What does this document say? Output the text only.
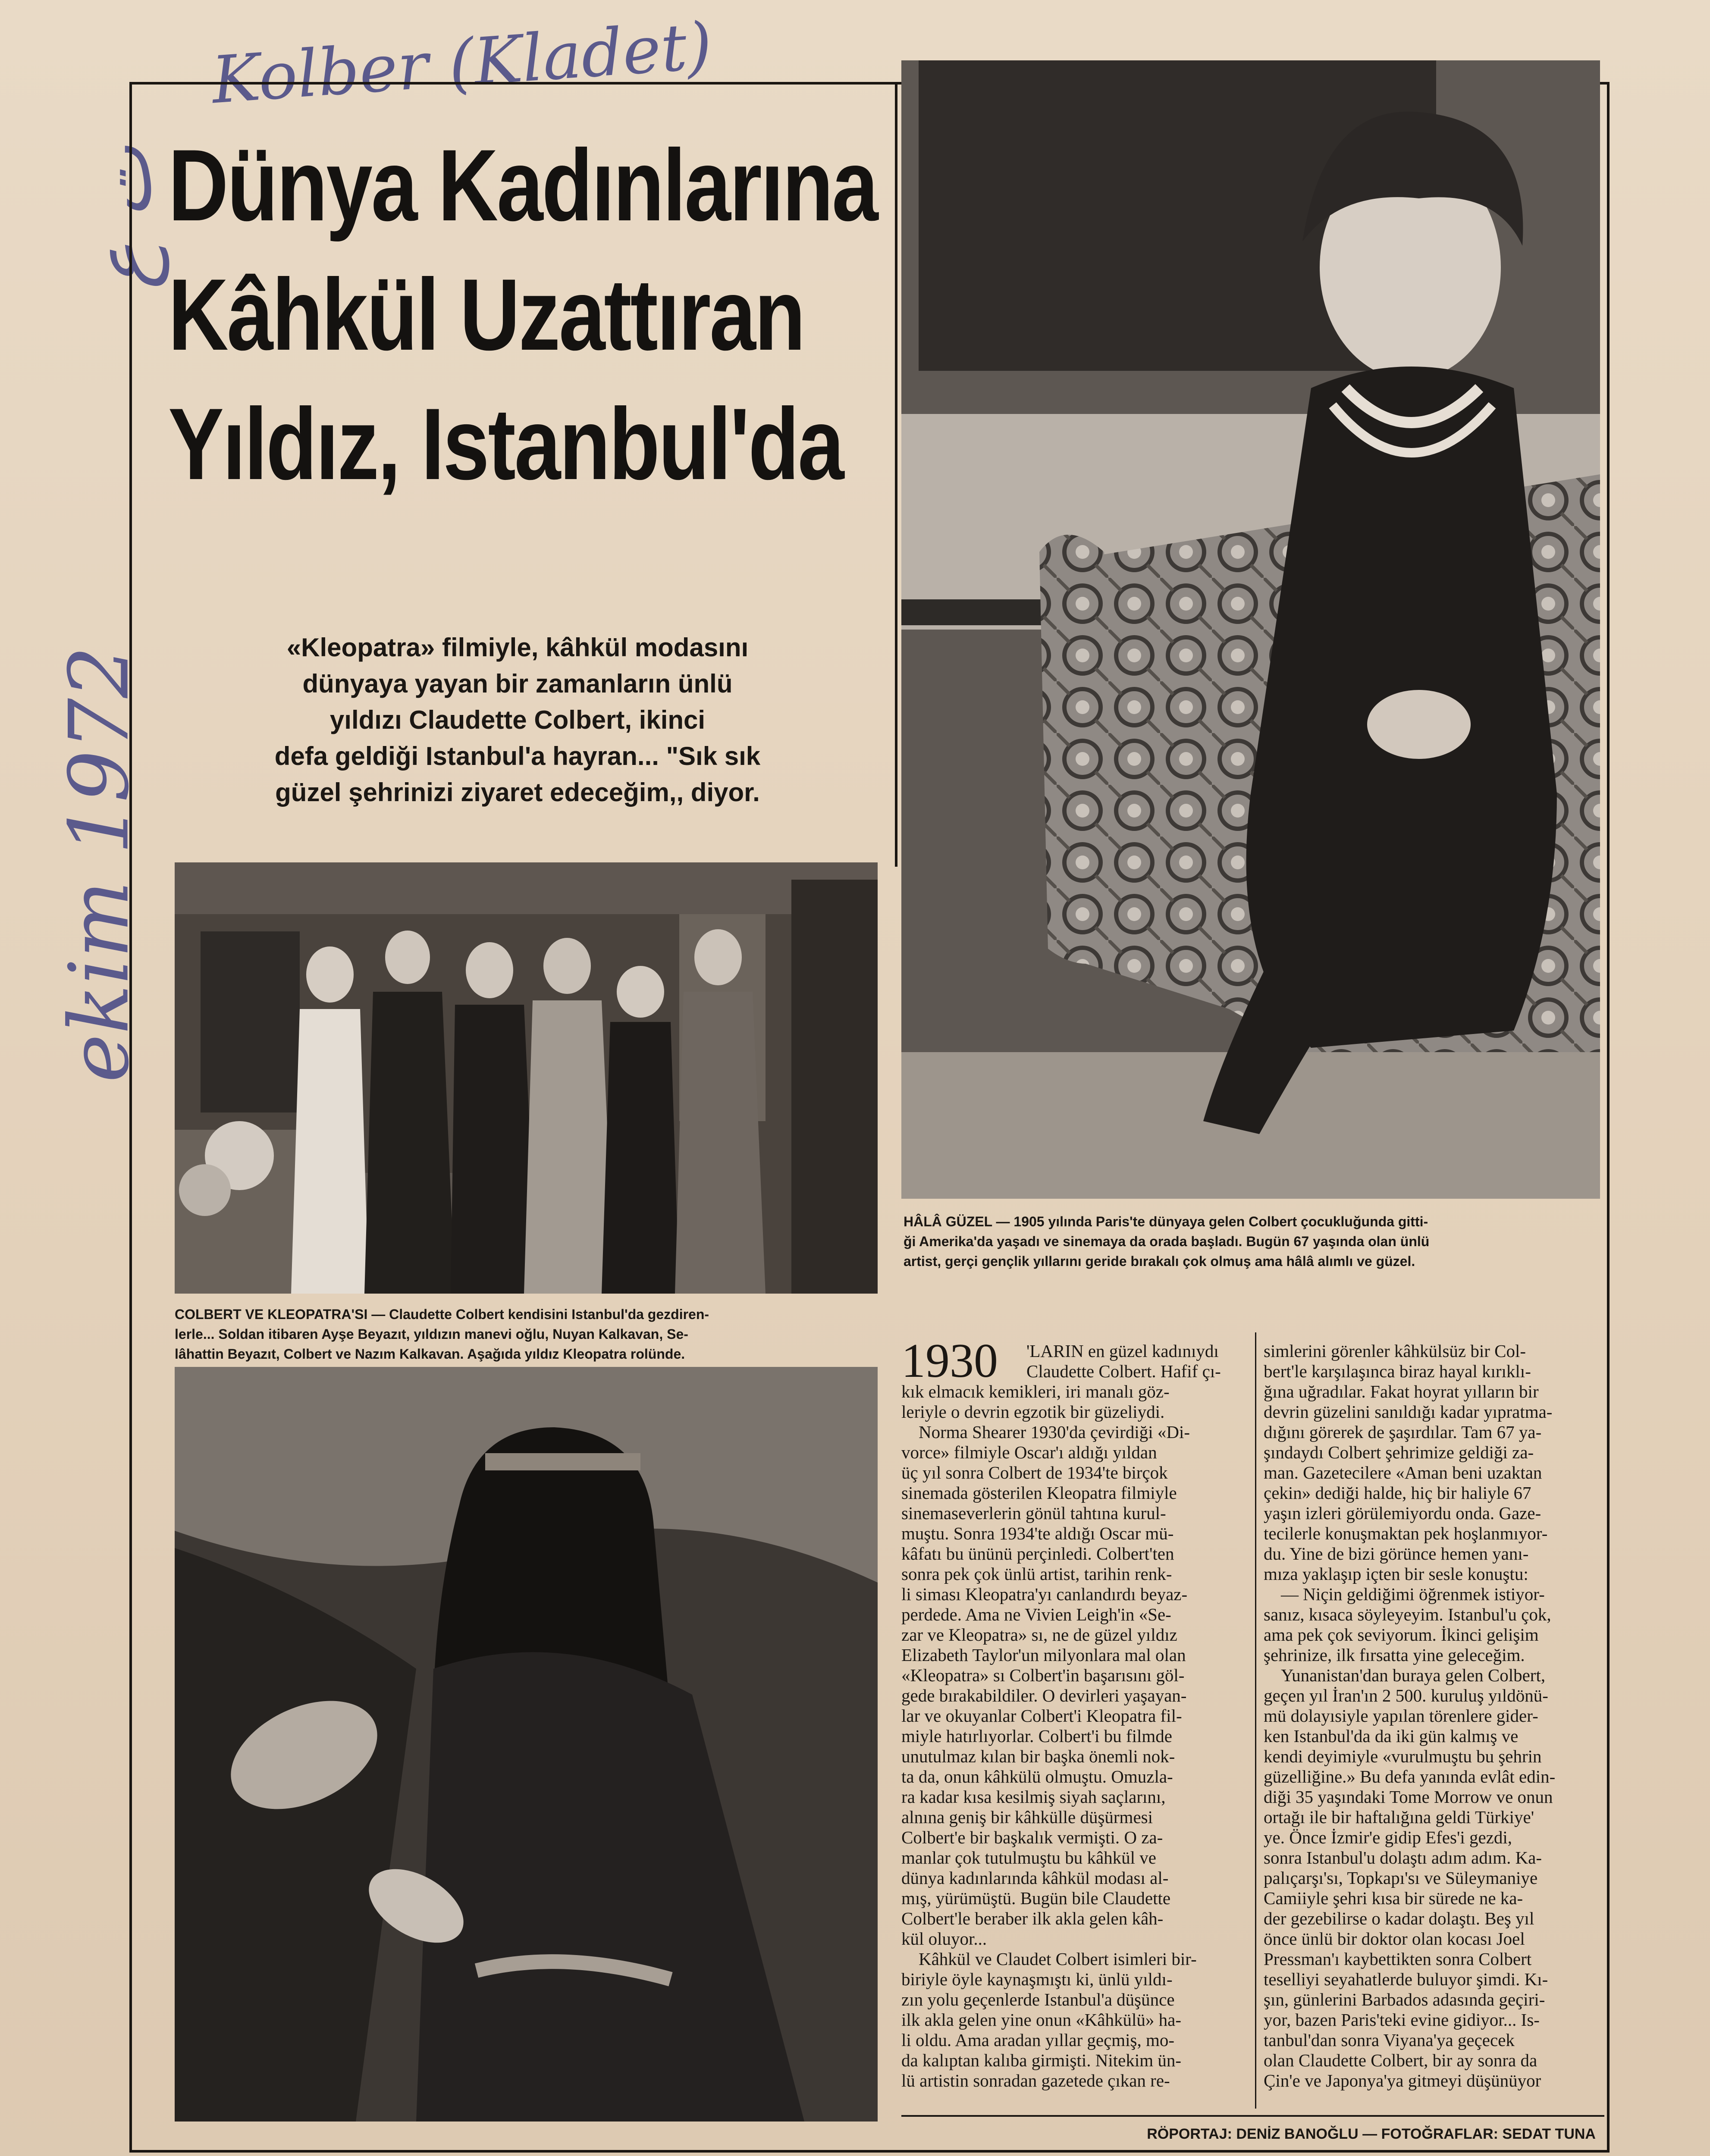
Kolber (Kladet)
ekim 1972
ت ع
Dünya Kadınlarına
Kâhkül Uzattıran
Yıldız, Istanbul'da
«Kleopatra» filmiyle, kâhkül modasını
dünyaya yayan bir zamanların ünlü
yıldızı Claudette Colbert, ikinci
defa geldiği Istanbul'a hayran... "Sık sık
güzel şehrinizi ziyaret edeceğim,, diyor.
HÂLÂ GÜZEL — 1905 yılında Paris'te dünyaya gelen Colbert çocukluğunda gitti-
ği Amerika'da yaşadı ve sinemaya da orada başladı. Bugün 67 yaşında olan ünlü
artist, gerçi gençlik yıllarını geride bırakalı çok olmuş ama hâlâ alımlı ve güzel.
COLBERT VE KLEOPATRA'SI — Claudette Colbert kendisini Istanbul'da gezdiren-
lerle... Soldan itibaren Ayşe Beyazıt, yıldızın manevi oğlu, Nuyan Kalkavan, Se-
lâhattin Beyazıt, Colbert ve Nazım Kalkavan. Aşağıda yıldız Kleopatra rolünde.	1930	'LARIN en güzel kadınıydı
Claudette Colbert. Hafif çı-
kık elmacık kemikleri, iri manalı göz-
leriyle o devrin egzotik bir güzeliydi.
Norma Shearer 1930'da çevirdiği «Di-
vorce» filmiyle Oscar'ı aldığı yıldan
üç yıl sonra Colbert de 1934'te birçok
sinemada gösterilen Kleopatra filmiyle
sinemaseverlerin gönül tahtına kurul-
muştu. Sonra 1934'te aldığı Oscar mü-
kâfatı bu ününü perçinledi. Colbert'ten
sonra pek çok ünlü artist, tarihin renk-
li siması Kleopatra'yı canlandırdı beyaz-
perdede. Ama ne Vivien Leigh'in «Se-
zar ve Kleopatra» sı, ne de güzel yıldız
Elizabeth Taylor'un milyonlara mal olan
«Kleopatra» sı Colbert'in başarısını göl-
gede bırakabildiler. O devirleri yaşayan-
lar ve okuyanlar Colbert'i Kleopatra fil-
miyle hatırlıyorlar. Colbert'i bu filmde
unutulmaz kılan bir başka önemli nok-
ta da, onun kâhkülü olmuştu. Omuzla-
ra kadar kısa kesilmiş siyah saçlarını,
alnına geniş bir kâhkülle düşürmesi
Colbert'e bir başkalık vermişti. O za-
manlar çok tutulmuştu bu kâhkül ve
dünya kadınlarında kâhkül modası al-
mış, yürümüştü. Bugün bile Claudette
Colbert'le beraber ilk akla gelen kâh-
kül oluyor...
Kâhkül ve Claudet Colbert isimleri bir-
biriyle öyle kaynaşmıştı ki, ünlü yıldı-
zın yolu geçenlerde Istanbul'a düşünce
ilk akla gelen yine onun «Kâhkülü» ha-
li oldu. Ama aradan yıllar geçmiş, mo-
da kalıptan kalıba girmişti. Nitekim ün-
lü artistin sonradan gazetede çıkan re-
simlerini görenler kâhkülsüz bir Col-
bert'le karşılaşınca biraz hayal kırıklı-
ğına uğradılar. Fakat hoyrat yılların bir
devrin güzelini sanıldığı kadar yıpratma-
dığını görerek de şaşırdılar. Tam 67 ya-
şındaydı Colbert şehrimize geldiği za-
man. Gazetecilere «Aman beni uzaktan
çekin» dediği halde, hiç bir haliyle 67
yaşın izleri görülemiyordu onda. Gaze-
tecilerle konuşmaktan pek hoşlanmıyor-
du. Yine de bizi görünce hemen yanı-
mıza yaklaşıp içten bir sesle konuştu:
— Niçin geldiğimi öğrenmek istiyor-
sanız, kısaca söyleyeyim. Istanbul'u çok,
ama pek çok seviyorum. İkinci gelişim
şehrinize, ilk fırsatta yine geleceğim.
Yunanistan'dan buraya gelen Colbert,
geçen yıl İran'ın 2 500. kuruluş yıldönü-
mü dolayısiyle yapılan törenlere gider-
ken Istanbul'da da iki gün kalmış ve
kendi deyimiyle «vurulmuştu bu şehrin
güzelliğine.» Bu defa yanında evlât edin-
diği 35 yaşındaki Tome Morrow ve onun
ortağı ile bir haftalığına geldi Türkiye'
ye. Önce İzmir'e gidip Efes'i gezdi,
sonra Istanbul'u dolaştı adım adım. Ka-
palıçarşı'sı, Topkapı'sı ve Süleymaniye
Camiiyle şehri kısa bir sürede ne ka-
der gezebilirse o kadar dolaştı. Beş yıl
önce ünlü bir doktor olan kocası Joel
Pressman'ı kaybettikten sonra Colbert
teselliyi seyahatlerde buluyor şimdi. Kı-
şın, günlerini Barbados adasında geçiri-
yor, bazen Paris'teki evine gidiyor... Is-
tanbul'dan sonra Viyana'ya geçecek
olan Claudette Colbert, bir ay sonra da
Çin'e ve Japonya'ya gitmeyi düşünüyor
RÖPORTAJ: DENİZ BANOĞLU — FOTOĞRAFLAR: SEDAT TUNA
